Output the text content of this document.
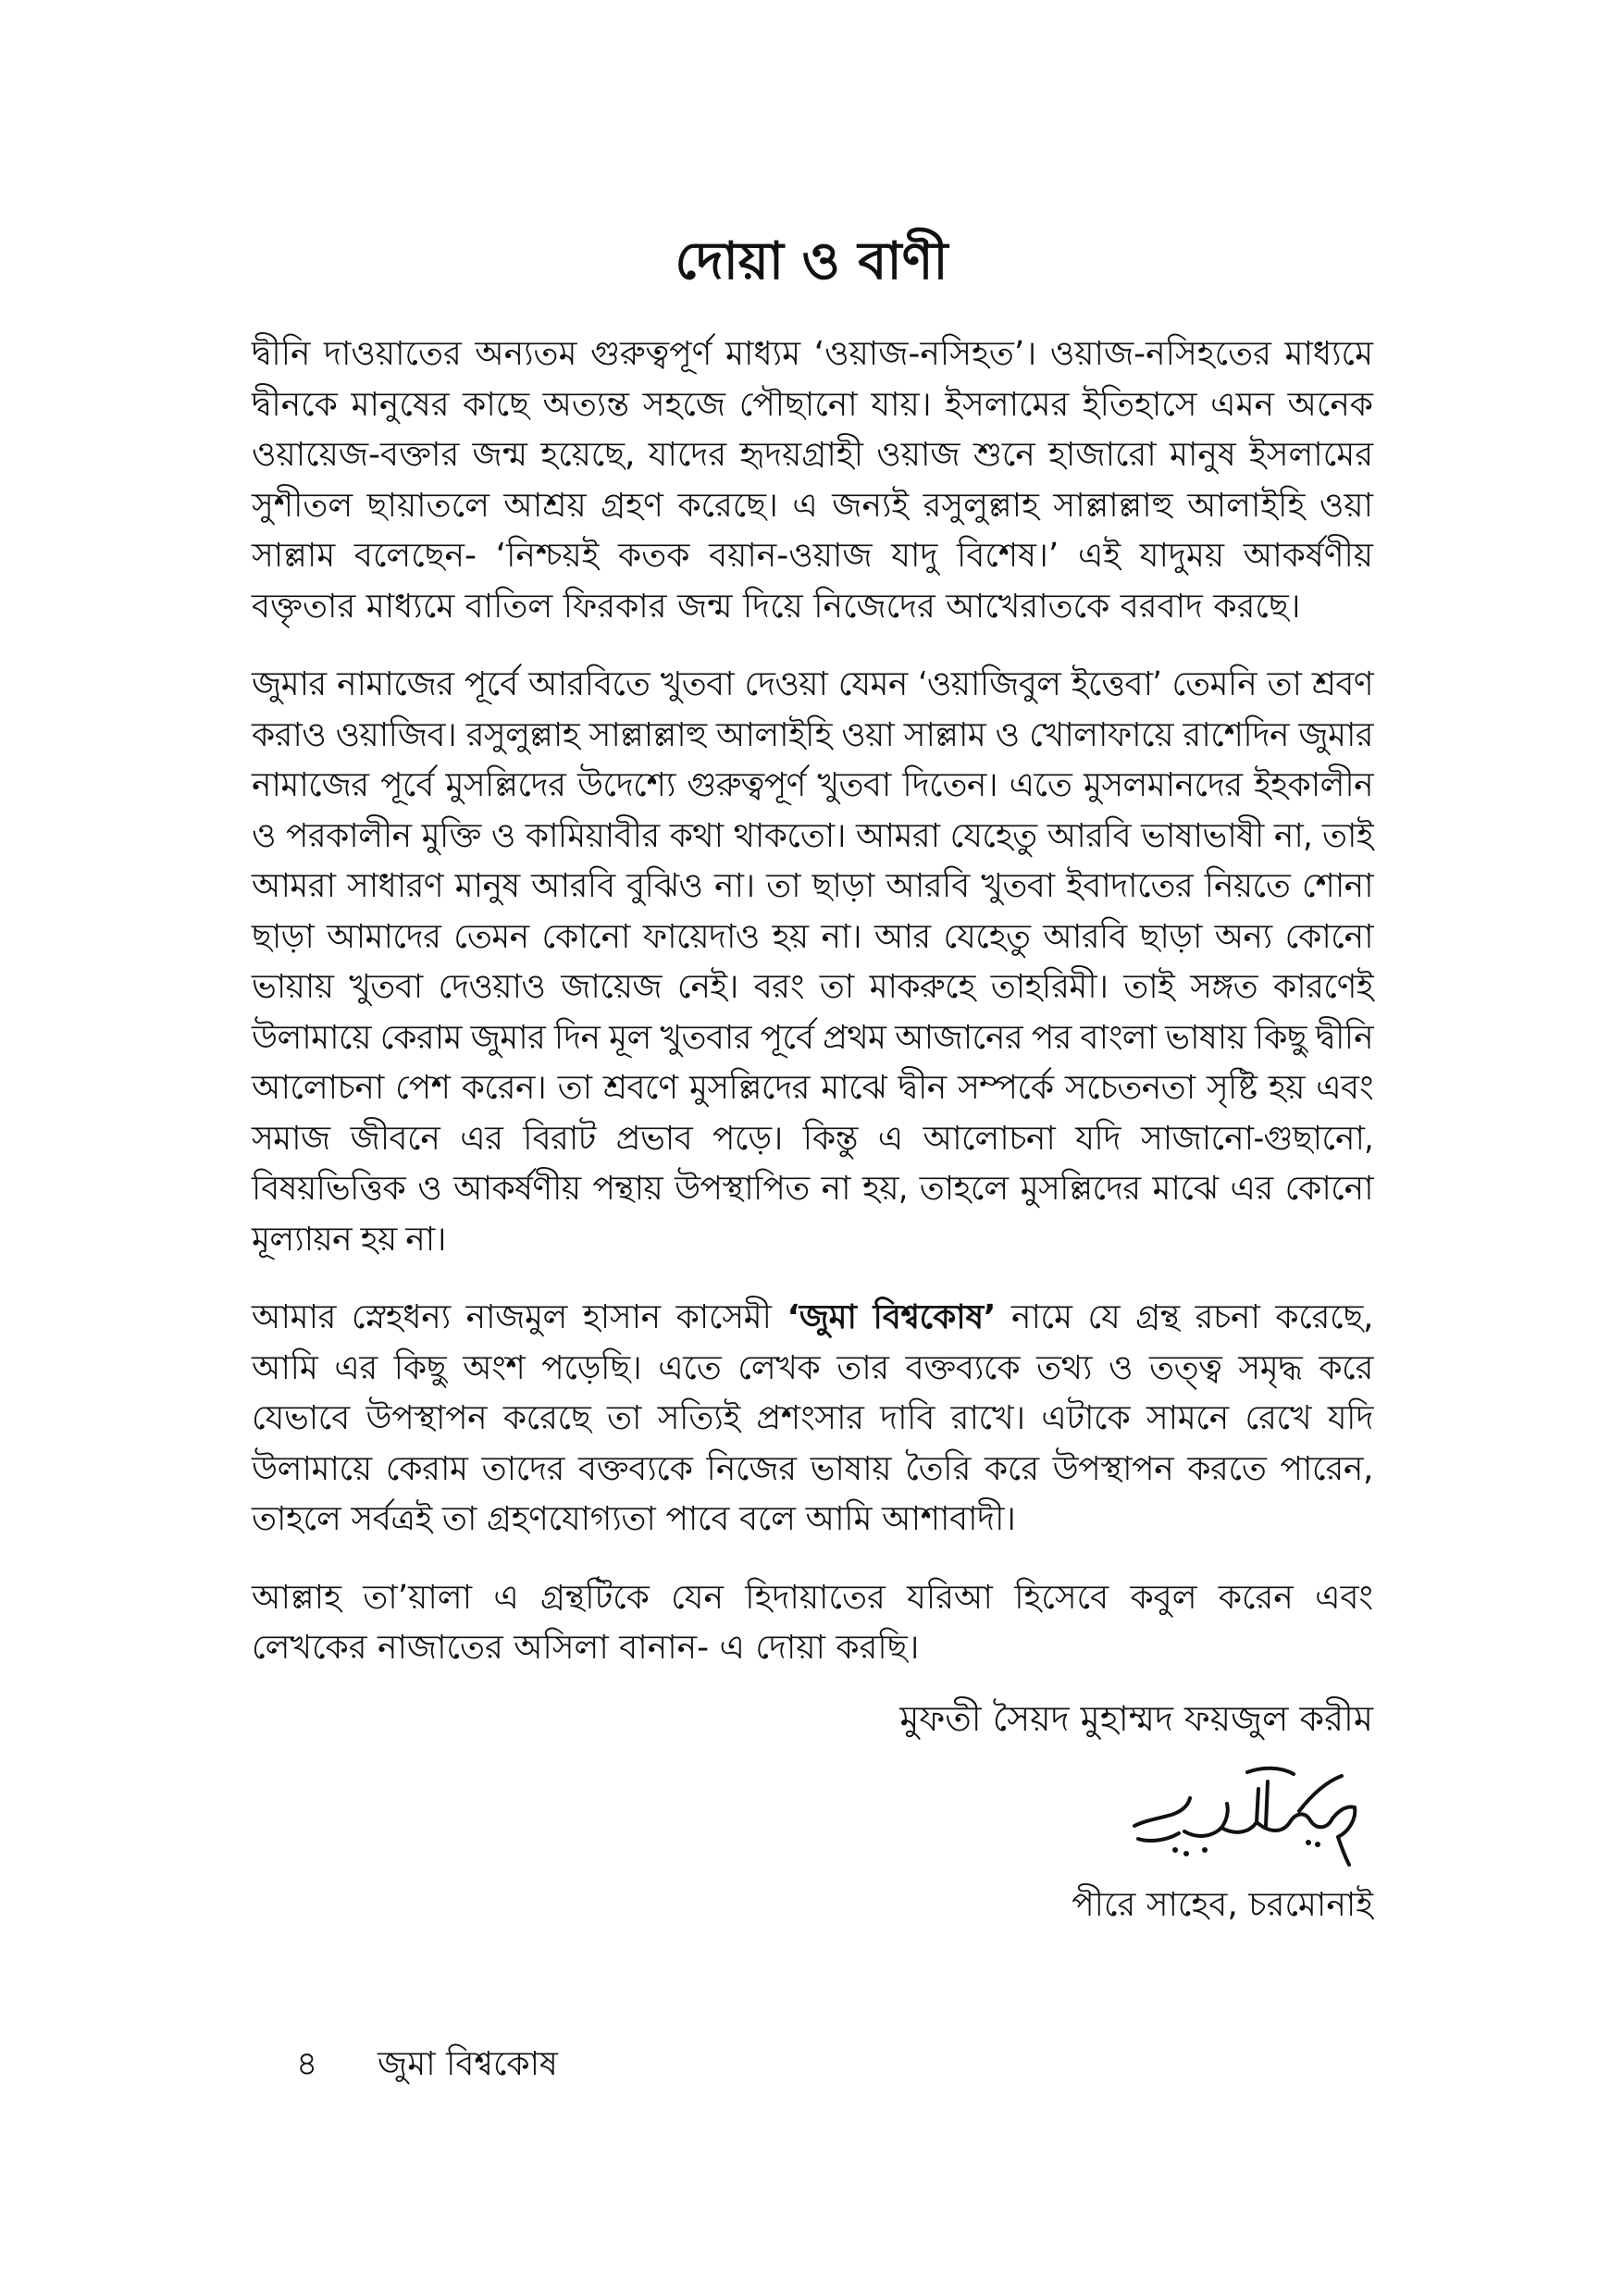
দোয়া ও বাণী

দ্বীনি দাওয়াতের অন্যতম গুরুত্বপূর্ণ মাধ্যম ‘ওয়াজ-নসিহত’। ওয়াজ-নসিহতের মাধ্যমে দ্বীনকে মানুষের কাছে অত্যন্ত সহজে পৌছানো যায়। ইসলামের ইতিহাসে এমন অনেক ওয়ায়েজ-বক্তার জন্ম হয়েছে, যাদের হৃদয়গ্রাহী ওয়াজ শুনে হাজারো মানুষ ইসলামের সুশীতল ছায়াতলে আশ্রয় গ্রহণ করেছে। এ জন্যই রসুলুল্লাহ সাল্লাল্লাহু আলাইহি ওয়া সাল্লাম বলেছেন- ‘নিশ্চয়ই কতক বয়ান-ওয়াজ যাদু বিশেষ।’ এই যাদুময় আকর্ষণীয় বক্তৃতার মাধ্যমে বাতিল ফিরকার জন্ম দিয়ে নিজেদের আখেরাতকে বরবাদ করছে।

জুমার নামাজের পূর্বে আরবিতে খুতবা দেওয়া যেমন ‘ওয়াজিবুল ইত্তেবা’ তেমনি তা শ্রবণ করাও ওয়াজিব। রসুলুল্লাহ সাল্লাল্লাহু আলাইহি ওয়া সাল্লাম ও খোলাফায়ে রাশেদিন জুমার নামাজের পূর্বে মুসল্লিদের উদেশ্যে গুরুত্বপূর্ণ খুতবা দিতেন। এতে মুসলমানদের ইহকালীন ও পরকালীন মুক্তি ও কামিয়াবীর কথা থাকতো। আমরা যেহেতু আরবি ভাষাভাষী না, তাই আমরা সাধারণ মানুষ আরবি বুঝিও না। তা ছাড়া আরবি খুতবা ইবাদাতের নিয়তে শোনা ছাড়া আমাদের তেমন কোনো ফায়েদাও হয় না। আর যেহেতু আরবি ছাড়া অন্য কোনো ভায়ায় খুতবা দেওয়াও জায়েজ নেই। বরং তা মাকরুহে তাহরিমী। তাই সঙ্গত কারণেই উলামায়ে কেরাম জুমার দিন মূল খুতবার পূর্বে প্রথম আজানের পর বাংলা ভাষায় কিছু দ্বীনি আলোচনা পেশ করেন। তা শ্রবণে মুসল্লিদের মাঝে দ্বীন সম্পর্কে সচেতনতা সৃষ্টি হয় এবং সমাজ জীবনে এর বিরাট প্রভাব পড়ে। কিন্তু এ আলোচনা যদি সাজানো-গুছানো, বিষয়ভিত্তিক ও আকর্ষণীয় পন্থায় উপস্থাপিত না হয়, তাহলে মুসল্লিদের মাঝে এর কোনো মূল্যায়ন হয় না।

আমার স্নেহধন্য নাজমুল হাসান কাসেমী ‘জুমা বিশ্বকোষ’ নামে যে গ্রন্থ রচনা করেছে, আমি এর কিছু অংশ পড়েছি। এতে লেখক তার বক্তব্যকে তথ্য ও তত্ত্ব সমৃদ্ধ করে যেভাবে উপস্থাপন করেছে তা সত্যিই প্রশংসার দাবি রাখে। এটাকে সামনে রেখে যদি উলামায়ে কেরাম তাদের বক্তব্যকে নিজের ভাষায় তৈরি করে উপস্থাপন করতে পারেন, তাহলে সর্বত্রই তা গ্রহণযোগ্যতা পাবে বলে আমি আশাবাদী।

আল্লাহ তা’য়ালা এ গ্রন্থটিকে যেন হিদায়াতের যরিআ হিসেবে কবুল করেন এবং লেখকের নাজাতের অসিলা বানান- এ দোয়া করছি।

মুফতী সৈয়দ মুহাম্মদ ফয়জুল করীম
পীরে সাহেব, চরমোনাই
৪ জুমা বিশ্বকোষ
